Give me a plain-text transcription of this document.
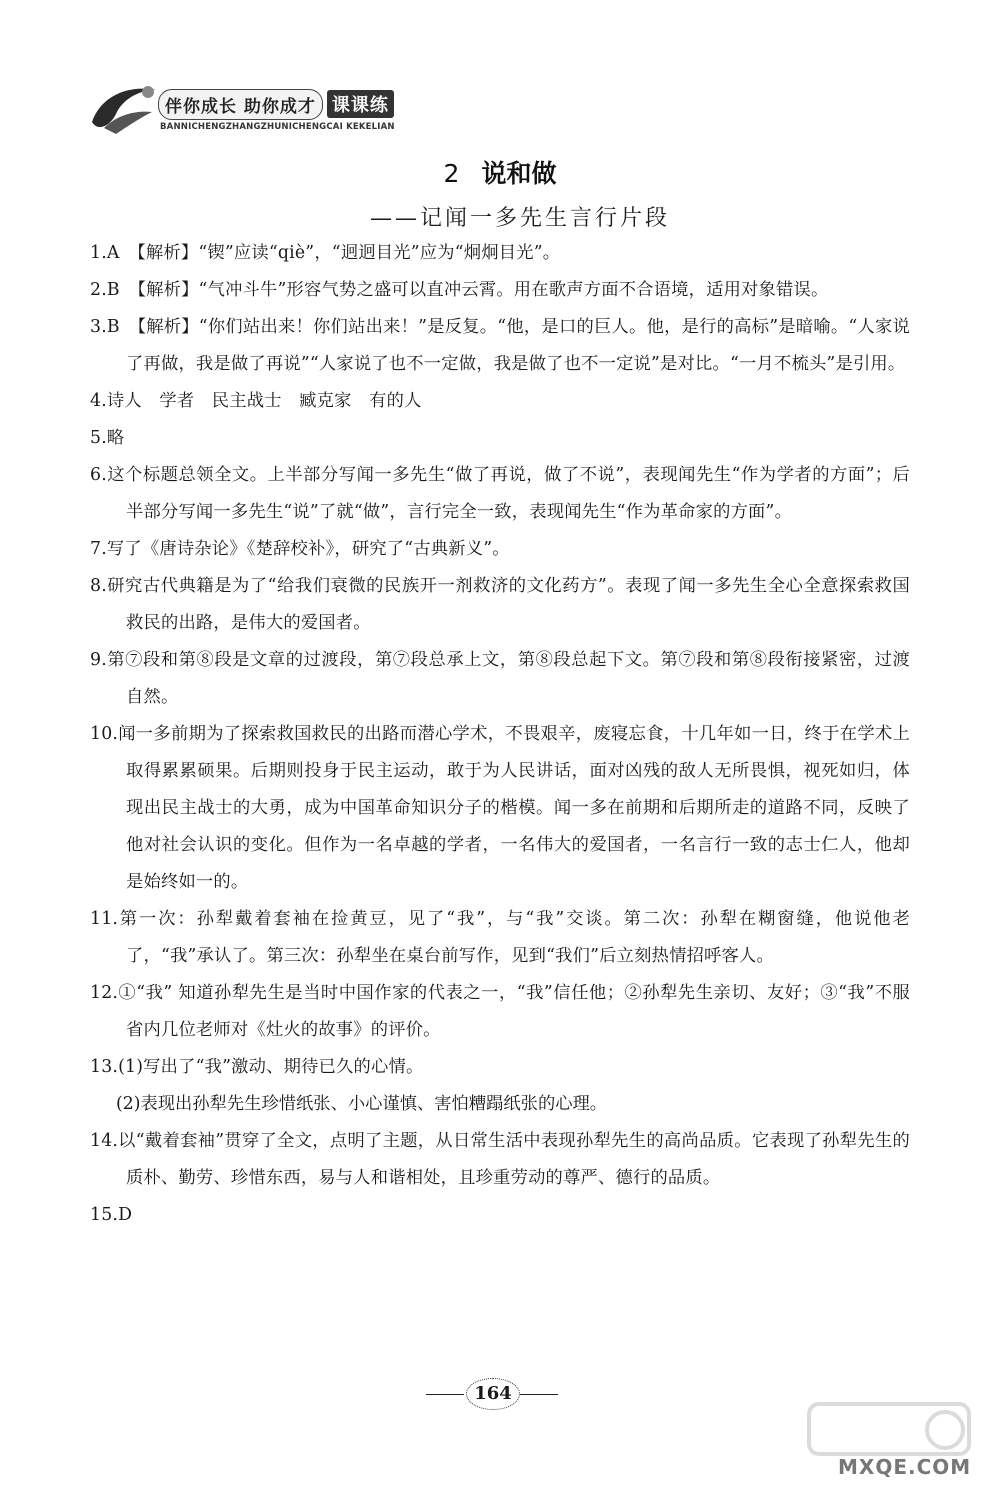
伴你成长 助你成才 课课练
BANNICHENGZHANGZHUNICHENGCAI KEKELIAN
2 说和做
——记闻一多先生言行片段

1.A　【解析】“锲”应读“qiè”，“迥迥目光”应为“炯炯目光”。

2.B　【解析】“气冲斗牛”形容气势之盛可以直冲云霄。用在歌声方面不合语境，适用对象错误。

3.B　【解析】“你们站出来！你们站出来！”是反复。“他，是口的巨人。他，是行的高标”是暗喻。“人家说了再做，我是做了再说”“人家说了也不一定做，我是做了也不一定说”是对比。“一月不梳头”是引用。

4.诗人　学者　民主战士　臧克家　有的人

5.略

6.这个标题总领全文。上半部分写闻一多先生“做了再说，做了不说”，表现闻先生“作为学者的方面”；后半部分写闻一多先生“说”了就“做”，言行完全一致，表现闻先生“作为革命家的方面”。

7.写了《唐诗杂论》《楚辞校补》，研究了“古典新义”。

8.研究古代典籍是为了“给我们衰微的民族开一剂救济的文化药方”。表现了闻一多先生全心全意探索救国救民的出路，是伟大的爱国者。

9.第⑦段和第⑧段是文章的过渡段，第⑦段总承上文，第⑧段总起下文。第⑦段和第⑧段衔接紧密，过渡自然。

10.闻一多前期为了探索救国救民的出路而潜心学术，不畏艰辛，废寝忘食，十几年如一日，终于在学术上取得累累硕果。后期则投身于民主运动，敢于为人民讲话，面对凶残的敌人无所畏惧，视死如归，体现出民主战士的大勇，成为中国革命知识分子的楷模。闻一多在前期和后期所走的道路不同，反映了他对社会认识的变化。但作为一名卓越的学者，一名伟大的爱国者，一名言行一致的志士仁人，他却是始终如一的。

11.第一次：孙犁戴着套袖在捡黄豆，见了“我”，与“我”交谈。第二次：孙犁在糊窗缝，他说他老了，“我”承认了。第三次：孙犁坐在桌台前写作，见到“我们”后立刻热情招呼客人。

12.①“我” 知道孙犁先生是当时中国作家的代表之一，“我”信任他；②孙犁先生亲切、友好；③“我”不服省内几位老师对《灶火的故事》的评价。

13.(1)写出了“我”激动、期待已久的心情。

(2)表现出孙犁先生珍惜纸张、小心谨慎、害怕糟蹋纸张的心理。

14.以“戴着套袖”贯穿了全文，点明了主题，从日常生活中表现孙犁先生的高尚品质。它表现了孙犁先生的质朴、勤劳、珍惜东西，易与人和谐相处，且珍重劳动的尊严、德行的品质。

15.D

164
MXQE.COM
